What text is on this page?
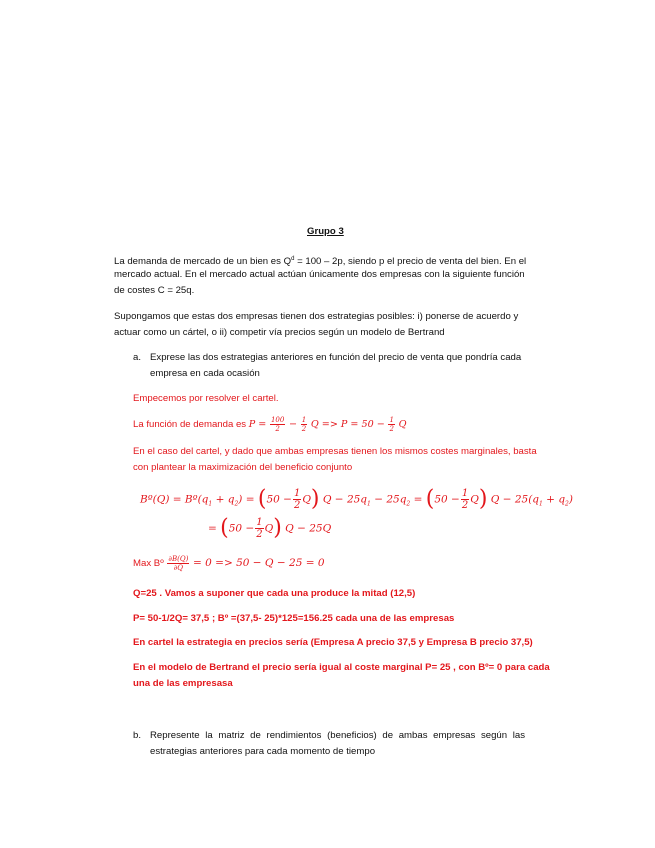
Grupo 3
La demanda de mercado de un bien es $Q^d = 100 - 2p$, siendo p el precio de venta del bien. En el
mercado actual. En el mercado actual actúan únicamente dos empresas con la siguiente función
de costes C = 25q.
Supongamos que estas dos empresas tienen dos estrategias posibles: i) ponerse de acuerdo y
actuar como un cártel, o ii) competir vía precios según un modelo de Bertrand
a. Exprese las dos estrategias anteriores en función del precio de venta que pondría cada
empresa en cada ocasión
Empecemos por resolver el cartel.
La función de demanda es $P = \frac{100}{2} - \frac{1}{2}$ $Q => P = 50 - \frac{1}{2}$ Q
En el caso del cartel, y dado que ambas empresas tienen los mismos costes marginales, basta
con plantear la maximización del beneficio conjunto
Bº(Q) = $Bº(q_1 + q_2) = (50 - \frac{1}{2} Q) Q - 25q_1 - 25q_2 = (50 - \frac{1}{2} Q) Q - 25(q_1 + q_2)$
= $(50 - \frac{1}{2} Q)$ Q − 25Q
Max Bº $\frac{\partial B(Q)}{\partial Q} = 0 => 50 - Q - 25 = 0$
Q=25 . Vamos a suponer que cada una produce la mitad (12,5)
P= 50-1/2Q= 37,5 ; Bº =(37,5- 25)*125=156.25 cada una de las empresas
En cartel la estrategia en precios sería (Empresa A precio 37,5 y Empresa B precio 37,5)
En el modelo de Bertrand el precio sería igual al coste marginal P= 25 , con Bº= 0 para cada
una de las empresasa
b. Represente la matriz de rendimientos (beneficios) de ambas empresas según las
estrategias anteriores para cada momento de tiempo
